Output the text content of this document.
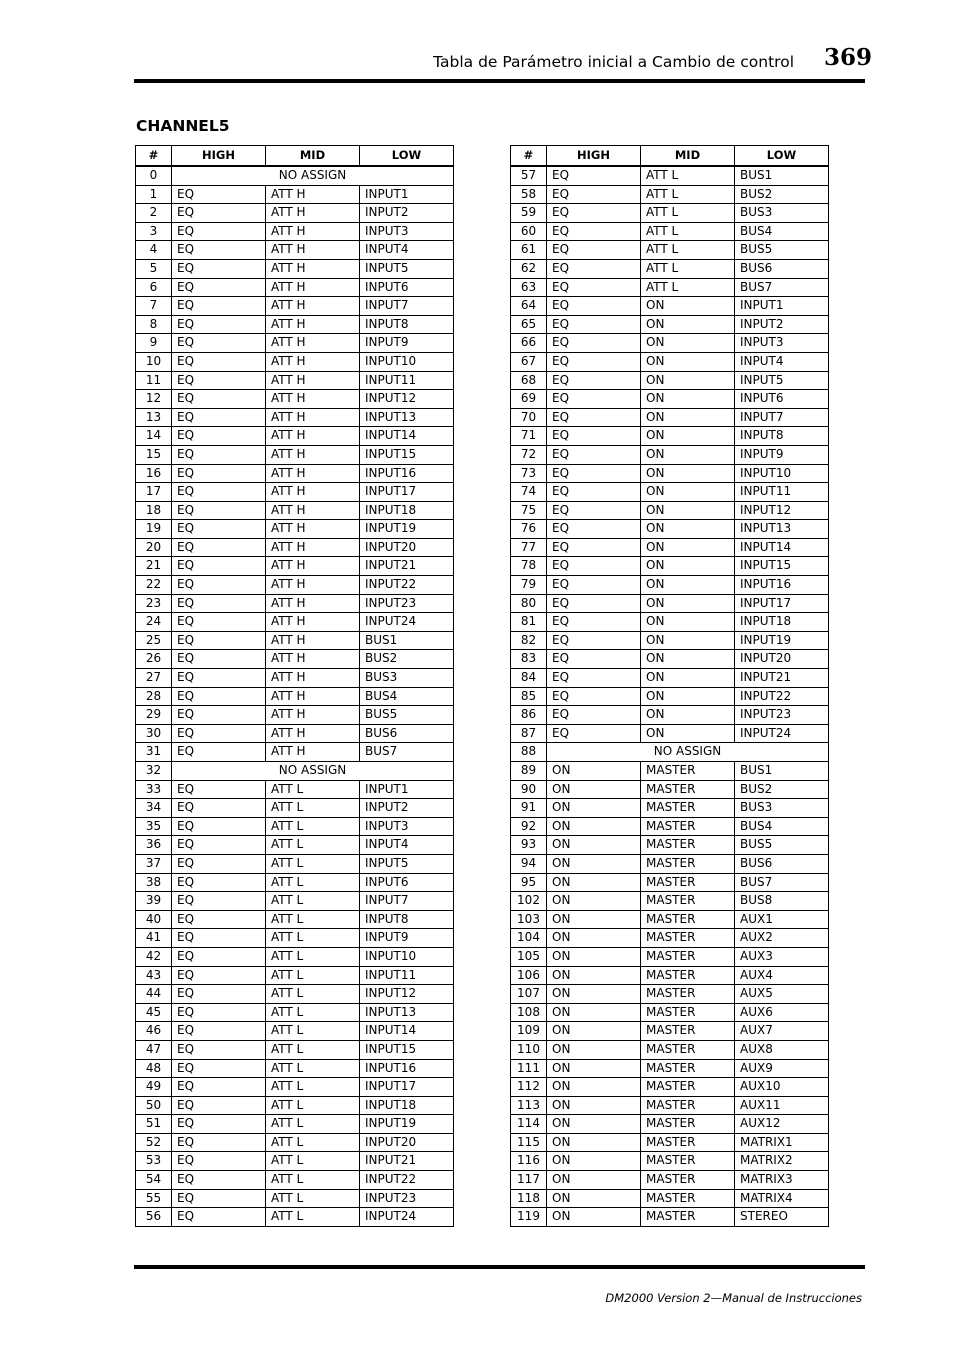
Tabla de Parámetro inicial a Cambio de control 369
CHANNEL5
#	HIGH	MID	LOW
0	NO ASSIGN		
1	EQ	ATT H	INPUT1
2	EQ	ATT H	INPUT2
3	EQ	ATT H	INPUT3
4	EQ	ATT H	INPUT4
5	EQ	ATT H	INPUT5
6	EQ	ATT H	INPUT6
7	EQ	ATT H	INPUT7
8	EQ	ATT H	INPUT8
9	EQ	ATT H	INPUT9
10	EQ	ATT H	INPUT10
11	EQ	ATT H	INPUT11
12	EQ	ATT H	INPUT12
13	EQ	ATT H	INPUT13
14	EQ	ATT H	INPUT14
15	EQ	ATT H	INPUT15
16	EQ	ATT H	INPUT16
17	EQ	ATT H	INPUT17
18	EQ	ATT H	INPUT18
19	EQ	ATT H	INPUT19
20	EQ	ATT H	INPUT20
21	EQ	ATT H	INPUT21
22	EQ	ATT H	INPUT22
23	EQ	ATT H	INPUT23
24	EQ	ATT H	INPUT24
25	EQ	ATT H	BUS1
26	EQ	ATT H	BUS2
27	EQ	ATT H	BUS3
28	EQ	ATT H	BUS4
29	EQ	ATT H	BUS5
30	EQ	ATT H	BUS6
31	EQ	ATT H	BUS7
32	NO ASSIGN		
33	EQ	ATT L	INPUT1
34	EQ	ATT L	INPUT2
35	EQ	ATT L	INPUT3
36	EQ	ATT L	INPUT4
37	EQ	ATT L	INPUT5
38	EQ	ATT L	INPUT6
39	EQ	ATT L	INPUT7
40	EQ	ATT L	INPUT8
41	EQ	ATT L	INPUT9
42	EQ	ATT L	INPUT10
43	EQ	ATT L	INPUT11
44	EQ	ATT L	INPUT12
45	EQ	ATT L	INPUT13
46	EQ	ATT L	INPUT14
47	EQ	ATT L	INPUT15
48	EQ	ATT L	INPUT16
49	EQ	ATT L	INPUT17
50	EQ	ATT L	INPUT18
51	EQ	ATT L	INPUT19
52	EQ	ATT L	INPUT20
53	EQ	ATT L	INPUT21
54	EQ	ATT L	INPUT22
55	EQ	ATT L	INPUT23
56	EQ	ATT L	INPUT24
#	HIGH	MID	LOW
57	EQ	ATT L	BUS1
58	EQ	ATT L	BUS2
59	EQ	ATT L	BUS3
60	EQ	ATT L	BUS4
61	EQ	ATT L	BUS5
62	EQ	ATT L	BUS6
63	EQ	ATT L	BUS7
64	EQ	ON	INPUT1
65	EQ	ON	INPUT2
66	EQ	ON	INPUT3
67	EQ	ON	INPUT4
68	EQ	ON	INPUT5
69	EQ	ON	INPUT6
70	EQ	ON	INPUT7
71	EQ	ON	INPUT8
72	EQ	ON	INPUT9
73	EQ	ON	INPUT10
74	EQ	ON	INPUT11
75	EQ	ON	INPUT12
76	EQ	ON	INPUT13
77	EQ	ON	INPUT14
78	EQ	ON	INPUT15
79	EQ	ON	INPUT16
80	EQ	ON	INPUT17
81	EQ	ON	INPUT18
82	EQ	ON	INPUT19
83	EQ	ON	INPUT20
84	EQ	ON	INPUT21
85	EQ	ON	INPUT22
86	EQ	ON	INPUT23
87	EQ	ON	INPUT24
88	NO ASSIGN		
89	ON	MASTER	BUS1
90	ON	MASTER	BUS2
91	ON	MASTER	BUS3
92	ON	MASTER	BUS4
93	ON	MASTER	BUS5
94	ON	MASTER	BUS6
95	ON	MASTER	BUS7
102	ON	MASTER	BUS8
103	ON	MASTER	AUX1
104	ON	MASTER	AUX2
105	ON	MASTER	AUX3
106	ON	MASTER	AUX4
107	ON	MASTER	AUX5
108	ON	MASTER	AUX6
109	ON	MASTER	AUX7
110	ON	MASTER	AUX8
111	ON	MASTER	AUX9
112	ON	MASTER	AUX10
113	ON	MASTER	AUX11
114	ON	MASTER	AUX12
115	ON	MASTER	MATRIX1
116	ON	MASTER	MATRIX2
117	ON	MASTER	MATRIX3
118	ON	MASTER	MATRIX4
119	ON	MASTER	STEREO
DM2000 Version 2—Manual de Instrucciones
